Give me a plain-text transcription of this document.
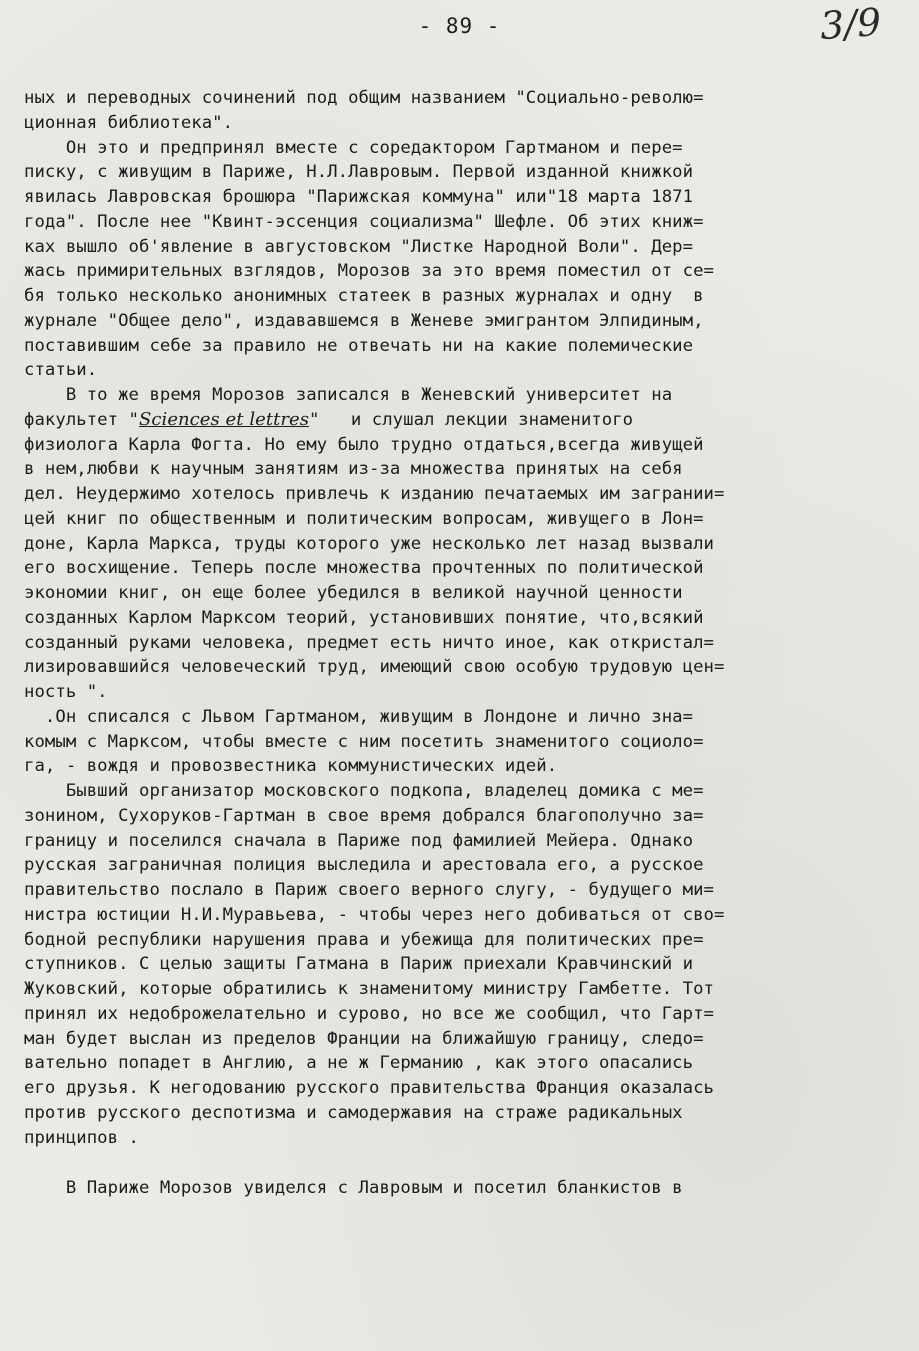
- 89 -	3/9
ных и переводных сочинений под общим названием "Социально-револю=
ционная библиотека".
Он это и предпринял вместе с соредактором Гартманом и пере=
писку, с живущим в Париже, Н.Л.Лавровым. Первой изданной книжкой
явилась Лавровская брошюра "Парижская коммуна" или"18 марта 1871
года". После нее "Квинт-эссенция социализма" Шефле. Об этих книж=
ках вышло об'явление в августовском "Листке Народной Воли". Дер=
жась примирительных взглядов, Морозов за это время поместил от се=
бя только несколько анонимных статеек в разных журналах и одну  в
журнале "Общее дело", издававшемся в Женеве эмигрантом Элпидиным,
поставившим себе за правило не отвечать ни на какие полемические
статьи.
В то же время Морозов записался в Женевский университет на
факультет "Sciences et lettres"   и слушал лекции знаменитого
физиолога Карла Фогта. Но ему было трудно отдаться,всегда живущей
в нем,любви к научным занятиям из-за множества принятых на себя
дел. Неудержимо хотелось привлечь к изданию печатаемых им загрании=
цей книг по общественным и политическим вопросам, живущего в Лон=
доне, Карла Маркса, труды которого уже несколько лет назад вызвали
его восхищение. Теперь после множества прочтенных по политической
экономии книг, он еще более убедился в великой научной ценности
созданных Карлом Марксом теорий, установивших понятие, что,всякий
созданный руками человека, предмет есть ничто иное, как откристал=
лизировавшийся человеческий труд, имеющий свою особую трудовую цен=
ность ".
.Он списался с Львом Гартманом, живущим в Лондоне и лично зна=
комым с Марксом, чтобы вместе с ним посетить знаменитого социоло=
га, - вождя и провозвестника коммунистических идей.
Бывший организатор московского подкопа, владелец домика с ме=
зонином, Сухоруков-Гартман в свое время добрался благополучно за=
границу и поселился сначала в Париже под фамилией Мейера. Однако
русская заграничная полиция выследила и арестовала его, а русское
правительство послало в Париж своего верного слугу, - будущего ми=
нистра юстиции Н.И.Муравьева, - чтобы через него добиваться от сво=
бодной республики нарушения права и убежища для политических пре=
ступников. С целью защиты Гатмана в Париж приехали Кравчинский и
Жуковский, которые обратились к знаменитому министру Гамбетте. Тот
принял их недоброжелательно и сурово, но все же сообщил, что Гарт=
ман будет выслан из пределов Франции на ближайшую границу, следо=
вательно попадет в Англию, а не ж Германию , как этого опасались
его друзья. К негодованию русского правительства Франция оказалась
против русского деспотизма и самодержавия на страже радикальных
принципов .
В Париже Морозов увиделся с Лавровым и посетил бланкистов в
